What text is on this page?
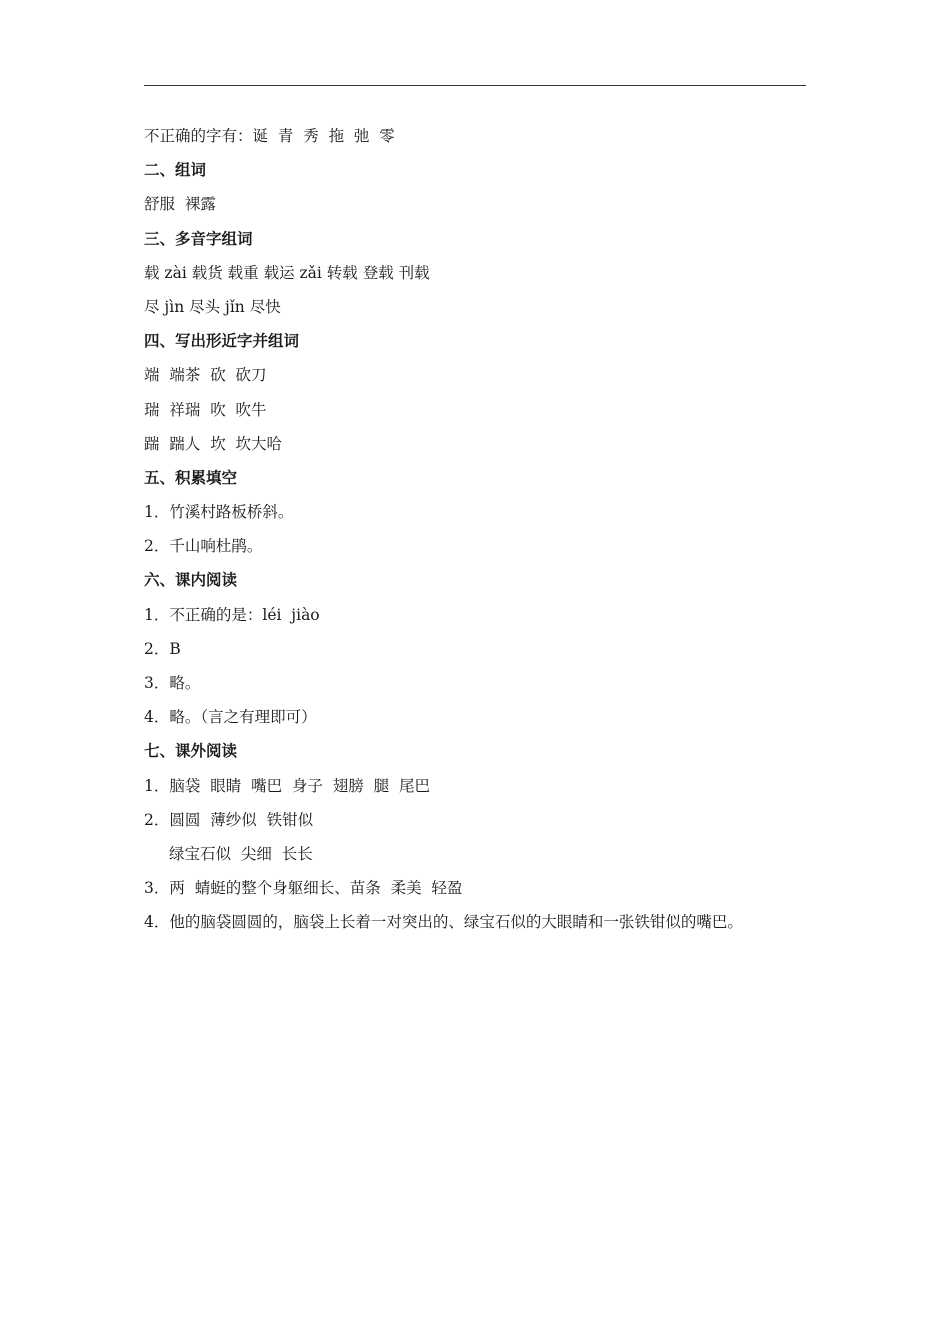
不正确的字有：诞  青  秀  拖  弛  零
二、组词
舒服  裸露
三、多音字组词
载 zài 载货 载重 载运 zǎi 转载 登载 刊载
尽 jìn 尽头 jǐn 尽快
四、写出形近字并组词
端  端茶  砍  砍刀
瑞  祥瑞  吹  吹牛
踹  踹人  坎  坎大哈
五、积累填空
1．竹溪村路板桥斜。
2．千山响杜鹃。
六、课内阅读
1．不正确的是：léi  jiào
2．B
3．略。
4．略。（言之有理即可）
七、课外阅读
1．脑袋  眼睛  嘴巴  身子  翅膀  腿  尾巴
2．圆圆  薄纱似  铁钳似
绿宝石似  尖细  长长
3．两  蜻蜓的整个身躯细长、苗条  柔美  轻盈
4．他的脑袋圆圆的，脑袋上长着一对突出的、绿宝石似的大眼睛和一张铁钳似的嘴巴。
